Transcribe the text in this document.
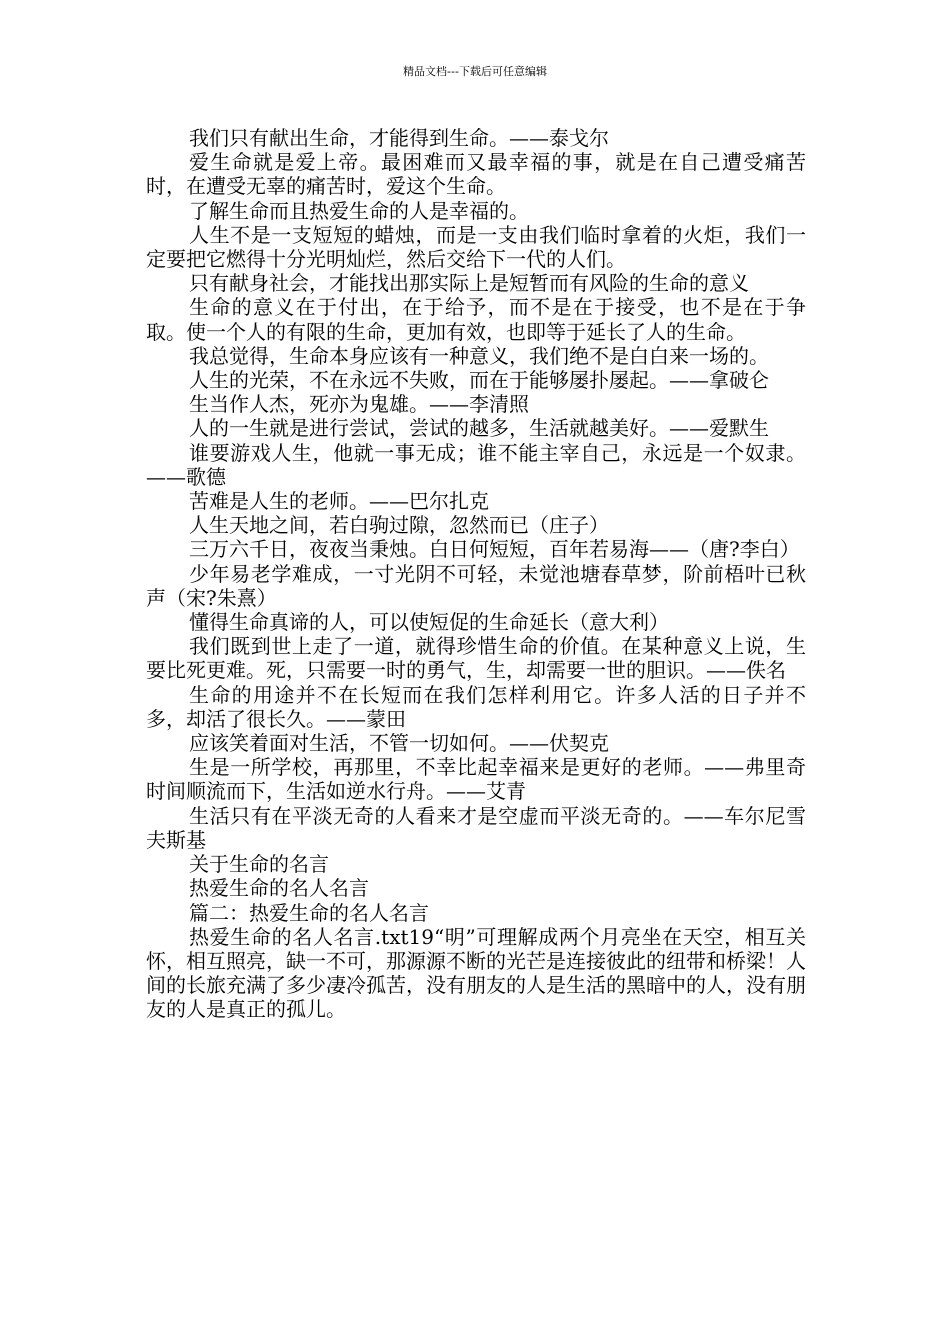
精品文档---下载后可任意编辑

我们只有献出生命，才能得到生命。——泰戈尔

爱生命就是爱上帝。最困难而又最幸福的事，就是在自己遭受痛苦时，在遭受无辜的痛苦时，爱这个生命。

了解生命而且热爱生命的人是幸福的。

人生不是一支短短的蜡烛，而是一支由我们临时拿着的火炬，我们一定要把它燃得十分光明灿烂，然后交给下一代的人们。

只有献身社会，才能找出那实际上是短暂而有风险的生命的意义

生命的意义在于付出，在于给予，而不是在于接受，也不是在于争取。使一个人的有限的生命，更加有效，也即等于延长了人的生命。

我总觉得，生命本身应该有一种意义，我们绝不是白白来一场的。

人生的光荣，不在永远不失败，而在于能够屡扑屡起。——拿破仑

生当作人杰，死亦为鬼雄。——李清照

人的一生就是进行尝试，尝试的越多，生活就越美好。——爱默生

谁要游戏人生，他就一事无成；谁不能主宰自己，永远是一个奴隶。——歌德

苦难是人生的老师。——巴尔扎克

人生天地之间，若白驹过隙，忽然而已（庄子）

三万六千日，夜夜当秉烛。白日何短短，百年若易海——（唐?李白）

少年易老学难成，一寸光阴不可轻，未觉池塘春草梦，阶前梧叶已秋声（宋?朱熹）

懂得生命真谛的人，可以使短促的生命延长（意大利）

我们既到世上走了一道，就得珍惜生命的价值。在某种意义上说，生要比死更难。死，只需要一时的勇气，生，却需要一世的胆识。——佚名

生命的用途并不在长短而在我们怎样利用它。许多人活的日子并不多，却活了很长久。——蒙田

应该笑着面对生活，不管一切如何。——伏契克

生是一所学校，再那里，不幸比起幸福来是更好的老师。——弗里奇时间顺流而下，生活如逆水行舟。——艾青

生活只有在平淡无奇的人看来才是空虚而平淡无奇的。——车尔尼雪夫斯基

关于生命的名言

热爱生命的名人名言

篇二：热爱生命的名人名言

热爱生命的名人名言.txt19“明”可理解成两个月亮坐在天空，相互关怀，相互照亮，缺一不可，那源源不断的光芒是连接彼此的纽带和桥梁！人间的长旅充满了多少凄冷孤苦，没有朋友的人是生活的黑暗中的人，没有朋友的人是真正的孤儿。
